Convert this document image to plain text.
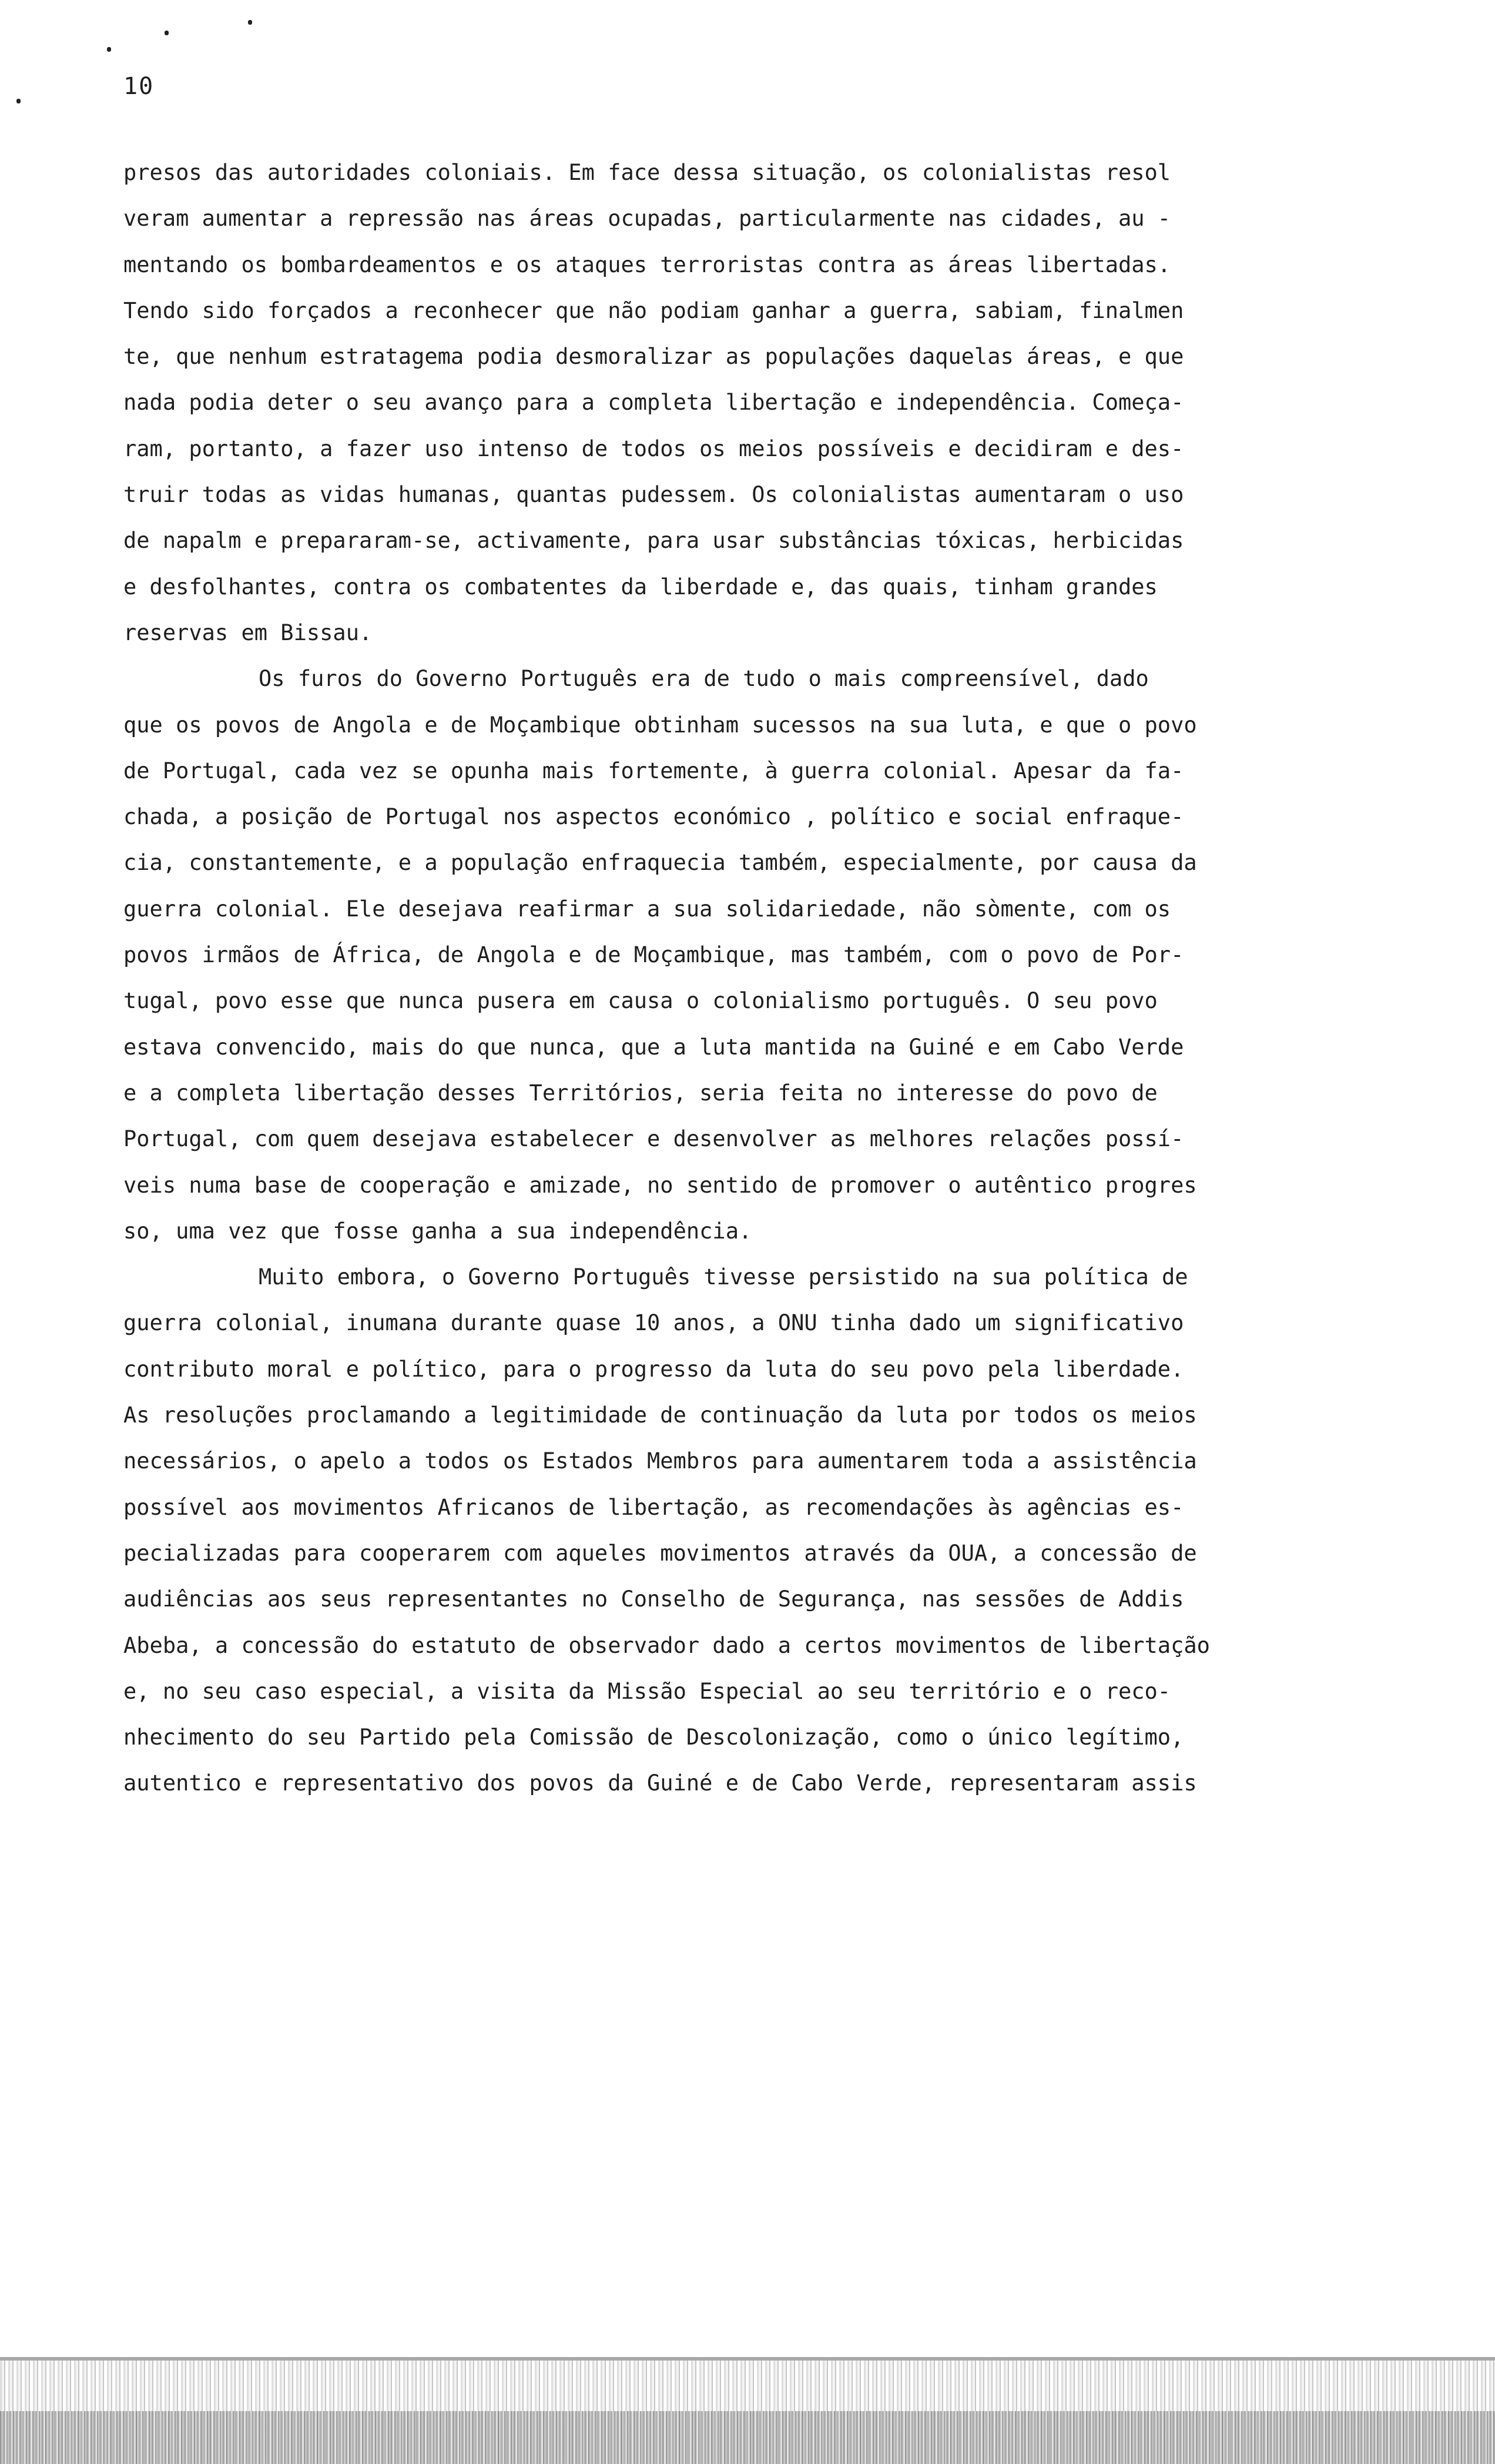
10
presos das autoridades coloniais. Em face dessa situação, os colonialistas resol
veram aumentar a repressão nas áreas ocupadas, particularmente nas cidades, au -
mentando os bombardeamentos e os ataques terroristas contra as áreas libertadas.
Tendo sido forçados a reconhecer que não podiam ganhar a guerra, sabiam, finalmen
te, que nenhum estratagema podia desmoralizar as populações daquelas áreas, e que
nada podia deter o seu avanço para a completa libertação e independência. Começa-
ram, portanto, a fazer uso intenso de todos os meios possíveis e decidiram e des-
truir todas as vidas humanas, quantas pudessem. Os colonialistas aumentaram o uso
de napalm e prepararam-se, activamente, para usar substâncias tóxicas, herbicidas
e desfolhantes, contra os combatentes da liberdade e, das quais, tinham grandes
reservas em Bissau.
Os furos do Governo Português era de tudo o mais compreensível, dado
que os povos de Angola e de Moçambique obtinham sucessos na sua luta, e que o povo
de Portugal, cada vez se opunha mais fortemente, à guerra colonial. Apesar da fa-
chada, a posição de Portugal nos aspectos económico , político e social enfraque-
cia, constantemente, e a população enfraquecia também, especialmente, por causa da
guerra colonial. Ele desejava reafirmar a sua solidariedade, não sòmente, com os
povos irmãos de África, de Angola e de Moçambique, mas também, com o povo de Por-
tugal, povo esse que nunca pusera em causa o colonialismo português. O seu povo
estava convencido, mais do que nunca, que a luta mantida na Guiné e em Cabo Verde
e a completa libertação desses Territórios, seria feita no interesse do povo de
Portugal, com quem desejava estabelecer e desenvolver as melhores relações possí-
veis numa base de cooperação e amizade, no sentido de promover o autêntico progres
so, uma vez que fosse ganha a sua independência.
Muito embora, o Governo Português tivesse persistido na sua política de
guerra colonial, inumana durante quase 10 anos, a ONU tinha dado um significativo
contributo moral e político, para o progresso da luta do seu povo pela liberdade.
As resoluções proclamando a legitimidade de continuação da luta por todos os meios
necessários, o apelo a todos os Estados Membros para aumentarem toda a assistência
possível aos movimentos Africanos de libertação, as recomendações às agências es-
pecializadas para cooperarem com aqueles movimentos através da OUA, a concessão de
audiências aos seus representantes no Conselho de Segurança, nas sessões de Addis
Abeba, a concessão do estatuto de observador dado a certos movimentos de libertação
e, no seu caso especial, a visita da Missão Especial ao seu território e o reco-
nhecimento do seu Partido pela Comissão de Descolonização, como o único legítimo,
autentico e representativo dos povos da Guiné e de Cabo Verde, representaram assis
